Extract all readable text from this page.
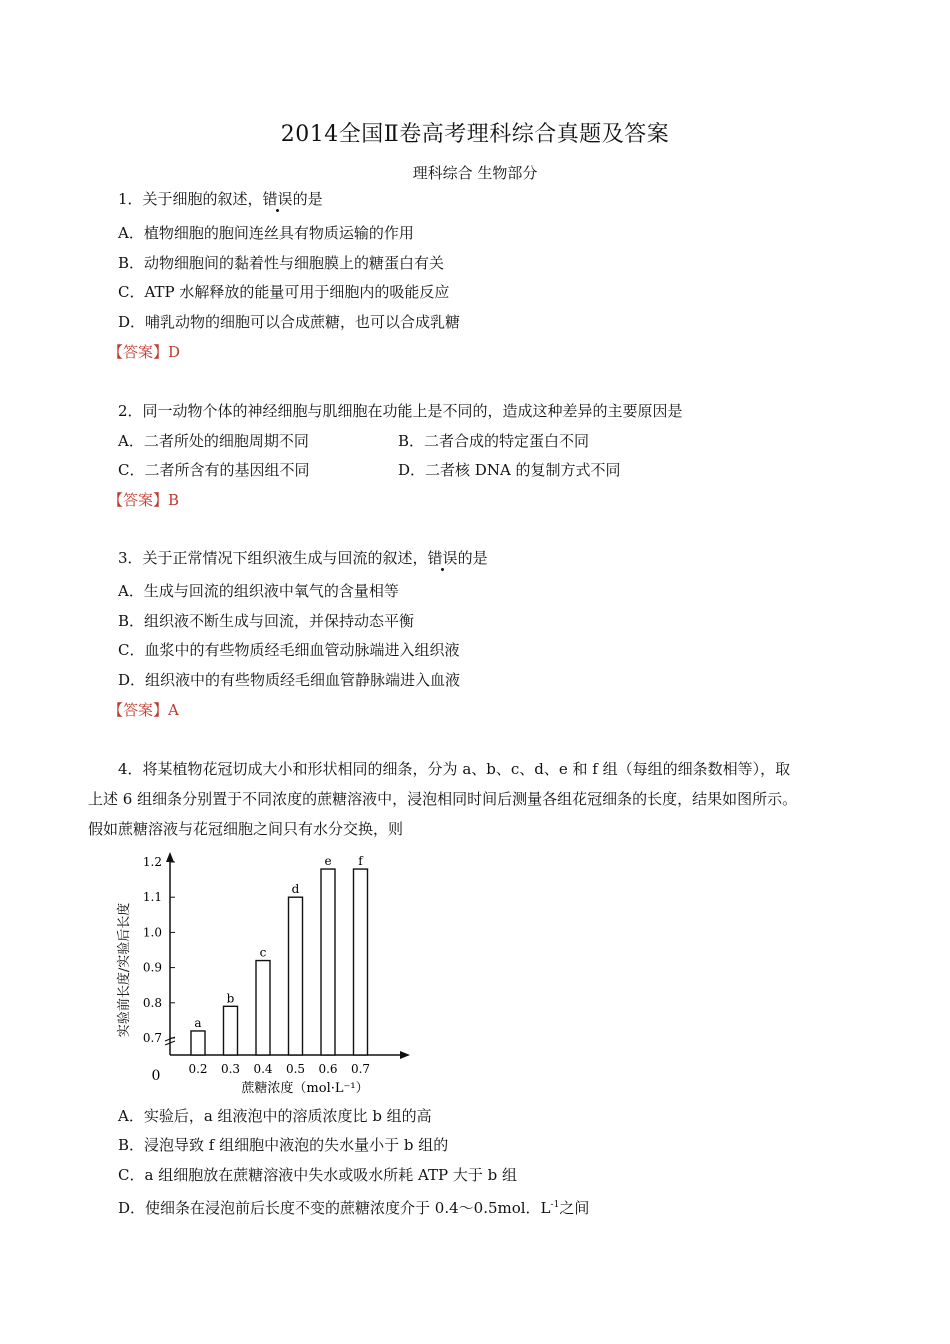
2014全国Ⅱ卷高考理科综合真题及答案
理科综合 生物部分
1．关于细胞的叙述，错误的是
A．植物细胞的胞间连丝具有物质运输的作用
B．动物细胞间的黏着性与细胞膜上的糖蛋白有关
C．ATP 水解释放的能量可用于细胞内的吸能反应
D．哺乳动物的细胞可以合成蔗糖，也可以合成乳糖
【答案】D
2．同一动物个体的神经细胞与肌细胞在功能上是不同的，造成这种差异的主要原因是
A．二者所处的细胞周期不同	B．二者合成的特定蛋白不同
C．二者所含有的基因组不同	D．二者核 DNA 的复制方式不同
【答案】B
3．关于正常情况下组织液生成与回流的叙述，错误的是
A．生成与回流的组织液中氧气的含量相等
B．组织液不断生成与回流，并保持动态平衡
C．血浆中的有些物质经毛细血管动脉端进入组织液
D．组织液中的有些物质经毛细血管静脉端进入血液
【答案】A
4．将某植物花冠切成大小和形状相同的细条，分为 a、b、c、d、e 和 f 组（每组的细条数相等），取
上述 6 组细条分别置于不同浓度的蔗糖溶液中，浸泡相同时间后测量各组花冠细条的长度，结果如图所示。
假如蔗糖溶液与花冠细胞之间只有水分交换，则
0.7
0.8
0.9
1.0
1.1
1.2
a
b
c
d
e f
0.2 0.3 0.4 0.5 0.6 0.7
0
实验前长度/实验后长度
蔗糖浓度（mol·L⁻¹）
A．实验后，a 组液泡中的溶质浓度比 b 组的高
B．浸泡导致 f 组细胞中液泡的失水量小于 b 组的
C．a 组细胞放在蔗糖溶液中失水或吸水所耗 ATP 大于 b 组
D．使细条在浸泡前后长度不变的蔗糖浓度介于 0.4～0.5mol．$L^{-1}$之间
